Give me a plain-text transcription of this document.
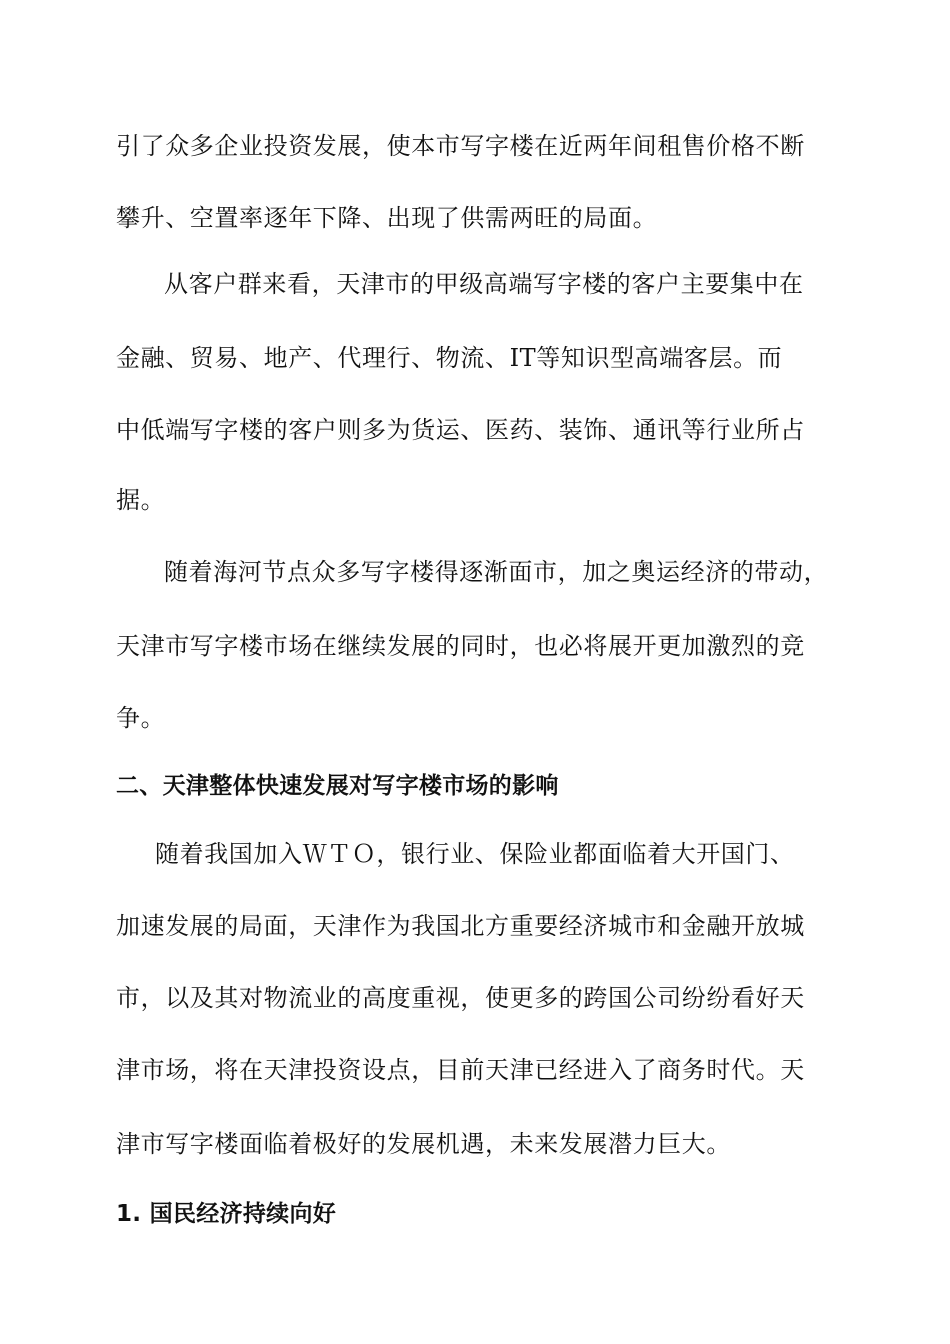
引了众多企业投资发展，使本市写字楼在近两年间租售价格不断
攀升、空置率逐年下降、出现了供需两旺的局面。
从客户群来看，天津市的甲级高端写字楼的客户主要集中在
金融、贸易、地产、代理行、物流、IT等知识型高端客层。而
中低端写字楼的客户则多为货运、医药、装饰、通讯等行业所占
据。
随着海河节点众多写字楼得逐渐面市，加之奥运经济的带动，
天津市写字楼市场在继续发展的同时，也必将展开更加激烈的竞
争。
二、天津整体快速发展对写字楼市场的影响
随着我国加入ＷＴＯ，银行业、保险业都面临着大开国门、
加速发展的局面，天津作为我国北方重要经济城市和金融开放城
市，以及其对物流业的高度重视，使更多的跨国公司纷纷看好天
津市场，将在天津投资设点，目前天津已经进入了商务时代。天
津市写字楼面临着极好的发展机遇，未来发展潜力巨大。
1. 国民经济持续向好
